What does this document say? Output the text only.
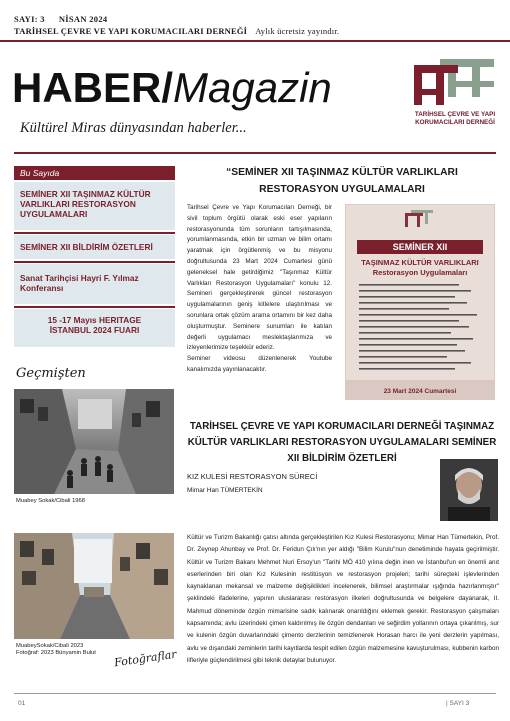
SAYI: 3 NİSAN 2024
TARİHSEL ÇEVRE VE YAPI KORUMACILARI DERNEĞİ Aylık ücretsiz yayındır.
HABER/Magazin
Kültürel Miras dünyasından haberler...
TARİHSEL ÇEVRE VE YAPI
KORUMACILARI DERNEĞİ
Bu Sayıda
SEMİNER XII TAŞINMAZ KÜLTÜR VARLIKLARI RESTORASYON UYGULAMALARI
SEMİNER XII BİLDİRİM ÖZETLERİ
Sanat Tarihçisi Hayri F. Yılmaz Konferansı
15 -17 Mayıs HERITAGE İSTANBUL 2024 FUARI
Geçmişten
Muabey Sokak/Cibali 1968
MuabeySokak/Cibali 2023
Fotoğraf: 2023 Bünyamin Bulut Fotoğraflar
“SEMİNER XII TAŞINMAZ KÜLTÜR VARLIKLARI
RESTORASYON UYGULAMALARI

Tarihsel Çevre ve Yapı Korumacıları Derneği, bir sivil toplum örgütü olarak eski eser yapıların restorasyonunda tüm sorunların tartışılmasında, yorumlanmasında, etkin bir uzman ve bilim ortamı yaratmak için örgütlenmiş ve bu misyonu doğrultusunda 23 Mart 2024 Cumartesi günü geleneksel hale getirdiğimiz "Taşınmaz Kültür Varlıkları Restorasyon Uygulamaları" konulu 12. Semineri gerçekleştirerek güncel restorasyon uygulamalarının geniş kitlelere ulaştırılması ve sorunlara ortak çözüm arama ortamını bir kez daha oluşturmuştur. Seminere sunumları ile katılan değerli uygulamacı meslektaşlarımıza ve izleyenlerimize teşekkür ederiz.

Seminer videosu düzenlenerek Youtube kanalımızda yayınlanacaktır.

SEMİNER XII
TAŞINMAZ KÜLTÜR VARLIKLARI
Restorasyon Uygulamaları
23 Mart 2024 Cumartesi
TARİHSEL ÇEVRE VE YAPI KORUMACILARI DERNEĞİ TAŞINMAZ KÜLTÜR VARLIKLARI RESTORASYON UYGULAMALARI SEMİNER XII BİLDİRİM ÖZETLERİ
KIZ KULESİ RESTORASYON SÜRECİ
Mimar Han TÜMERTEKİN
Kültür ve Turizm Bakanlığı çatısı altında gerçekleştirilen Kız Kulesi Restorasyonu; Mimar Han Tümertekin, Prof. Dr. Zeynep Ahunbay ve Prof. Dr. Feridun Çılı'nın yer aldığı "Bilim Kurulu"nun denetiminde hayata geçirilmiştir. Kültür ve Turizm Bakanı Mehmet Nuri Ersoy'un "Tarihi MÖ 410 yılına değin inen ve İstanbul'un en önemli anıt eserlerinden biri olan Kız Kulesinin restitüsyon ve restorasyon projeleri; tarihi süreçteki işlevlerinden kaynaklanan mekansal ve malzeme değişiklikleri incelenerek, bilimsel araştırmalar ışığında hazırlanmıştır" şeklindeki ifadelerine, yapının uluslararası restorasyon ilkeleri doğrultusunda ve belgelere dayanarak, II. Mahmud döneminde özgün mimarisine sadık kalınarak onarıldığını eklemek gerekir. Restorasyon çalışmaları kapsamında; avlu üzerindeki çimen kaldırılmış ile özgün dendanları ve seğirdim yollarının ortaya çıkarılmış, sur ve kulenin özgün duvarlarındaki çimento derzlerinin temizlenerek Horasan harcı ile yeni derzlerin yapılması, avlu ve dışarıdaki zeminlerin tarihi kayıtlarda tespit edilen özgün malzemesine kavuşturulması, kubbenin karbon lifleriyle güçlendirilmesi gibi teknik detaylar bulunuyor.
01	| SAYI 3
